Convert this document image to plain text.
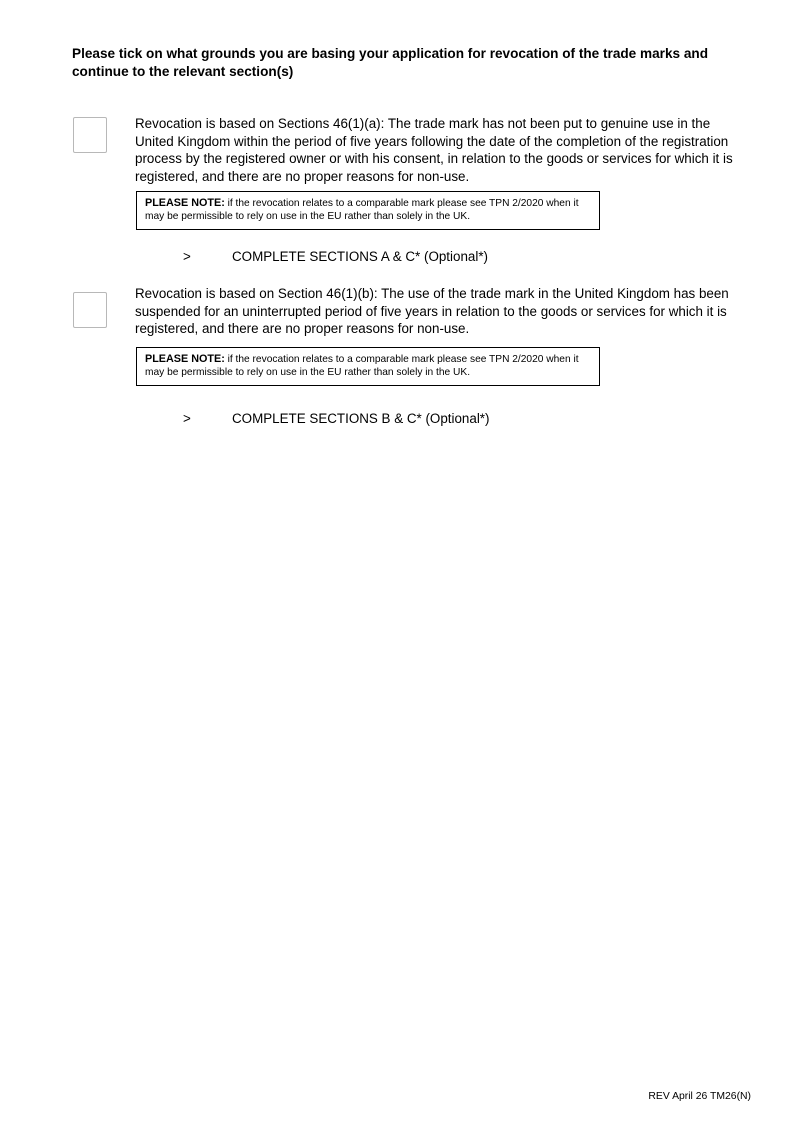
Please tick on what grounds you are basing your application for revocation of the trade marks and continue to the relevant section(s)
Revocation is based on Sections 46(1)(a): The trade mark has not been put to genuine use in the United Kingdom within the period of five years following the date of the completion of the registration process by the registered owner or with his consent, in relation to the goods or services for which it is registered, and there are no proper reasons for non-use.
PLEASE NOTE: if the revocation relates to a comparable mark please see TPN 2/2020 when it may be permissible to rely on use in the EU rather than solely in the UK.
>	COMPLETE SECTIONS A & C* (Optional*)
Revocation is based on Section 46(1)(b): The use of the trade mark in the United Kingdom has been suspended for an uninterrupted period of five years in relation to the goods or services for which it is registered, and there are no proper reasons for non-use.
PLEASE NOTE: if the revocation relates to a comparable mark please see TPN 2/2020 when it may be permissible to rely on use in the EU rather than solely in the UK.
>	COMPLETE SECTIONS B & C* (Optional*)
REV April 26 TM26(N)
